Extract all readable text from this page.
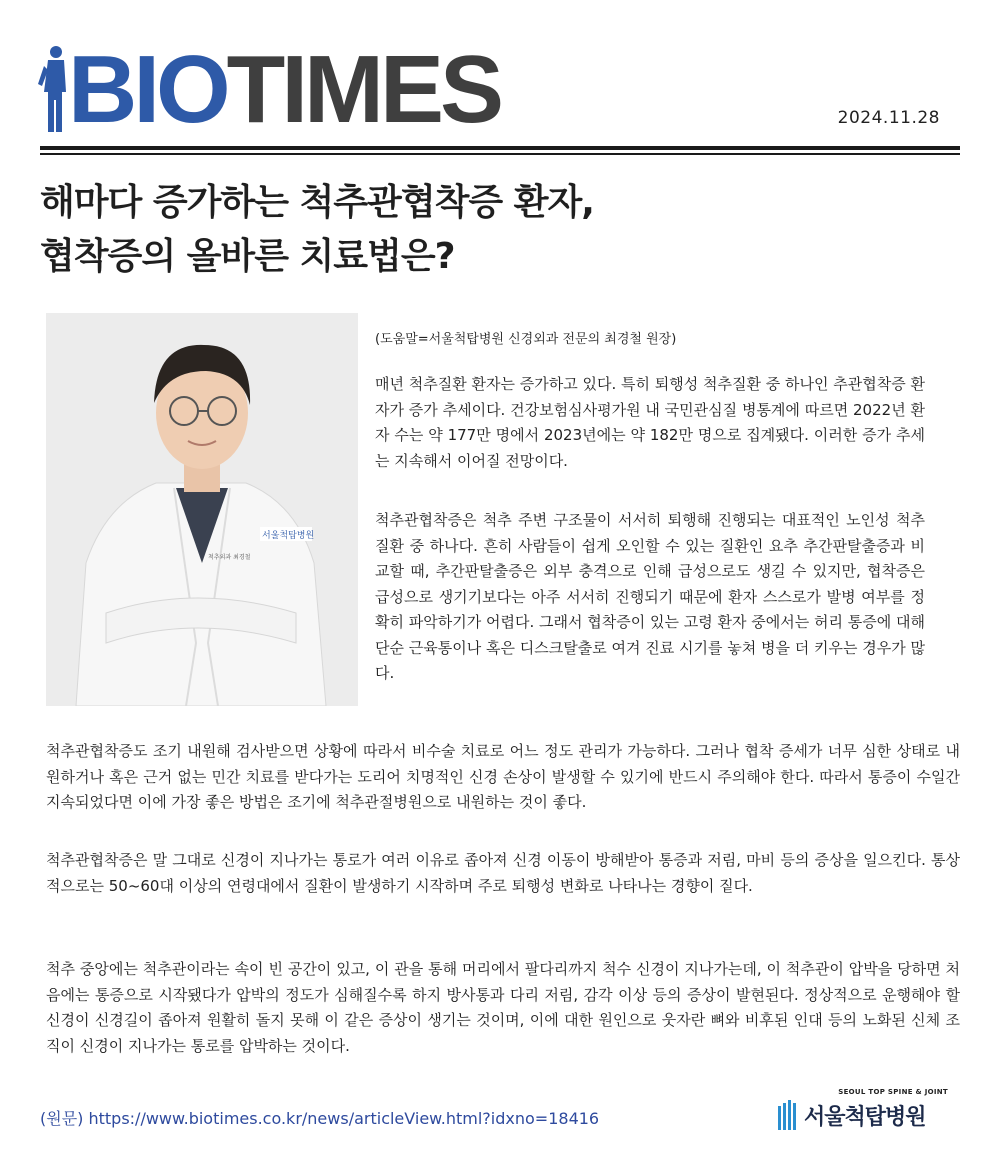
BIOTIMES	2024.11.28
해마다 증가하는 척추관협착증 환자,
협착증의 올바른 치료법은?
서울척탑병원
척추외과 최경철
(도움말=서울척탑병원 신경외과 전문의 최경철 원장)

매년 척추질환 환자는 증가하고 있다. 특히 퇴행성 척추질환 중 하나인 추관협착증 환자가 증가 추세이다. 건강보험심사평가원 내 국민관심질 병통계에 따르면 2022년 환자 수는 약 177만 명에서 2023년에는 약 182만 명으로 집계됐다. 이러한 증가 추세는 지속해서 이어질 전망이다.

척추관협착증은 척추 주변 구조물이 서서히 퇴행해 진행되는 대표적인 노인성 척추질환 중 하나다. 흔히 사람들이 쉽게 오인할 수 있는 질환인 요추 추간판탈출증과 비교할 때, 추간판탈출증은 외부 충격으로 인해 급성으로도 생길 수 있지만, 협착증은 급성으로 생기기보다는 아주 서서히 진행되기 때문에 환자 스스로가 발병 여부를 정확히 파악하기가 어렵다. 그래서 협착증이 있는 고령 환자 중에서는 허리 통증에 대해 단순 근육통이나 혹은 디스크탈출로 여겨 진료 시기를 놓쳐 병을 더 키우는 경우가 많다.

척추관협착증도 조기 내원해 검사받으면 상황에 따라서 비수술 치료로 어느 정도 관리가 가능하다. 그러나 협착 증세가 너무 심한 상태로 내원하거나 혹은 근거 없는 민간 치료를 받다가는 도리어 치명적인 신경 손상이 발생할 수 있기에 반드시 주의해야 한다. 따라서 통증이 수일간 지속되었다면 이에 가장 좋은 방법은 조기에 척추관절병원으로 내원하는 것이 좋다.

척추관협착증은 말 그대로 신경이 지나가는 통로가 여러 이유로 좁아져 신경 이동이 방해받아 통증과 저림, 마비 등의 증상을 일으킨다. 통상적으로는 50~60대 이상의 연령대에서 질환이 발생하기 시작하며 주로 퇴행성 변화로 나타나는 경향이 짙다.

척추 중앙에는 척추관이라는 속이 빈 공간이 있고, 이 관을 통해 머리에서 팔다리까지 척수 신경이 지나가는데, 이 척추관이 압박을 당하면 처음에는 통증으로 시작됐다가 압박의 정도가 심해질수록 하지 방사통과 다리 저림, 감각 이상 등의 증상이 발현된다. 정상적으로 운행해야 할 신경이 신경길이 좁아져 원활히 돌지 못해 이 같은 증상이 생기는 것이며, 이에 대한 원인으로 웃자란 뼈와 비후된 인대 등의 노화된 신체 조직이 신경이 지나가는 통로를 압박하는 것이다.

(원문) https://www.biotimes.co.kr/news/articleView.html?idxno=18416
SEOUL TOP SPINE & JOINT
서울척탑병원
